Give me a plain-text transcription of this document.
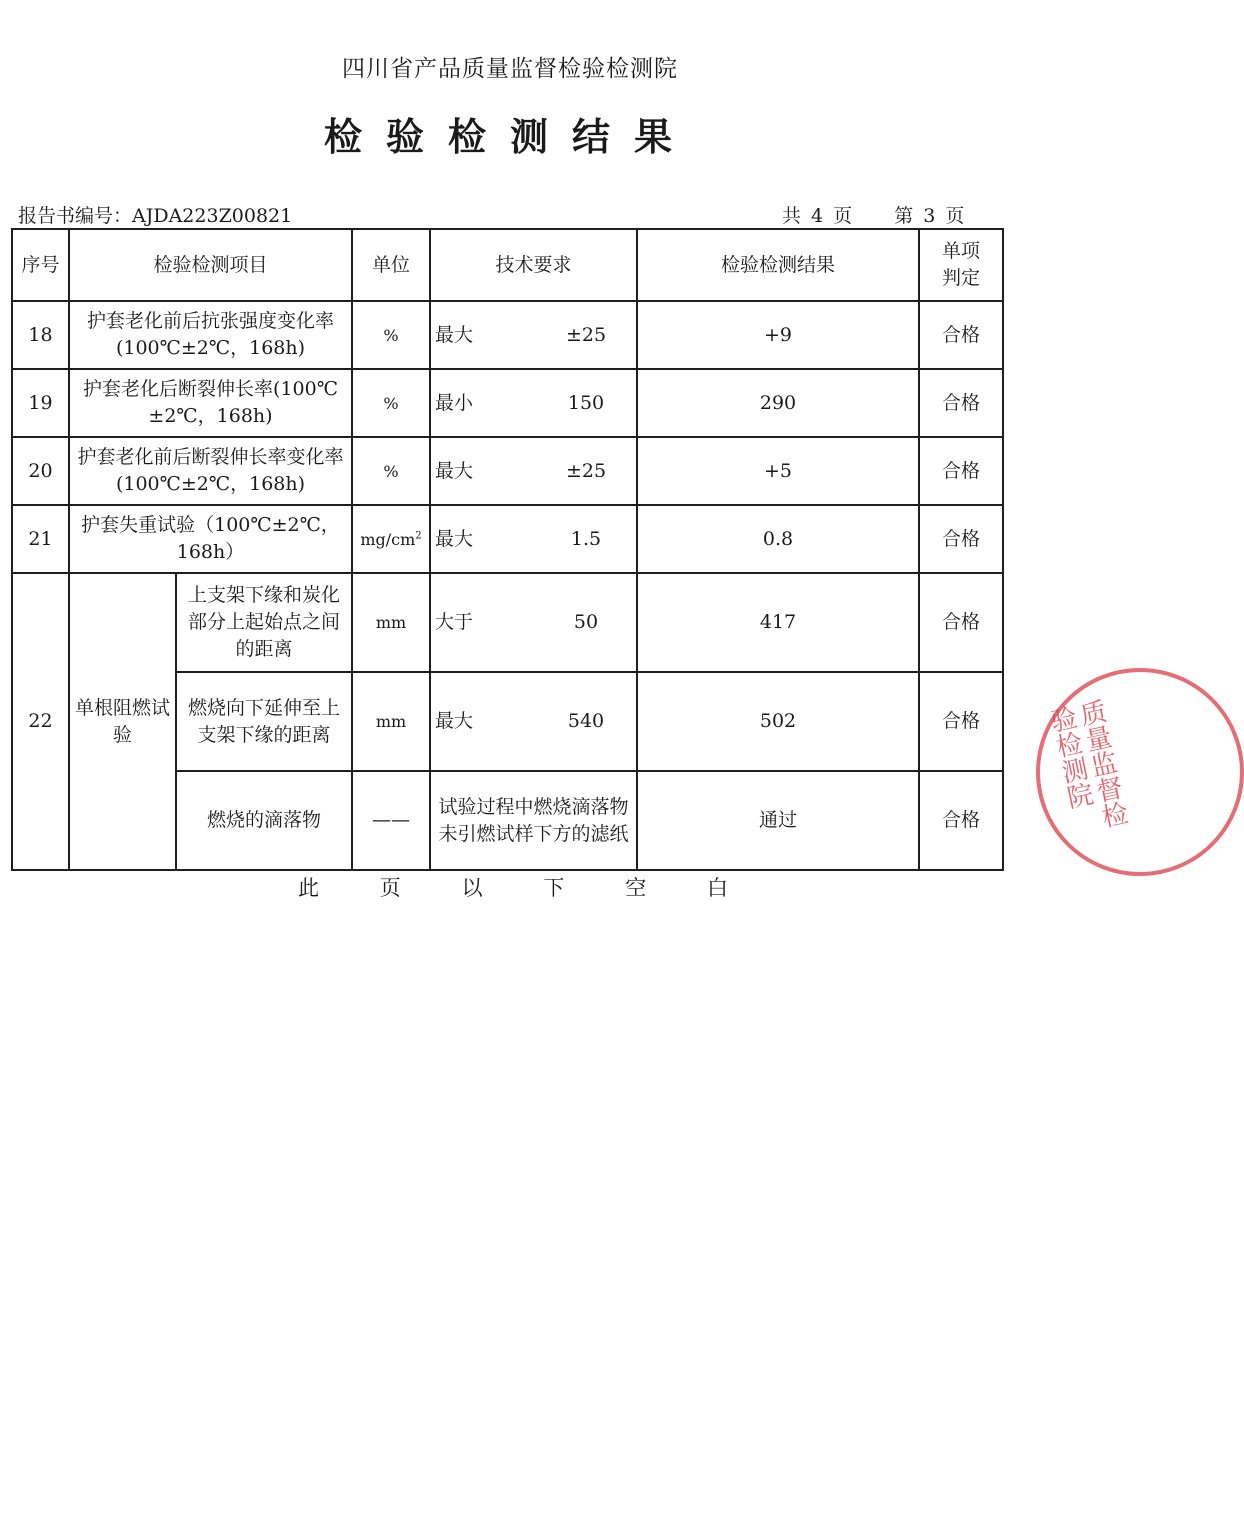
四川省产品质量监督检验检测院
检验检测结果
报告书编号：AJDA223Z00821	共 4 页 第 3 页
序号	检验检测项目		单位	技术要求	检验检测结果	单项判定
18	护套老化前后抗张强度变化率(100℃±2℃，168h)		%	最大 ±25	+9	合格
19	护套老化后断裂伸长率(100℃±2℃，168h)		%	最小 150	290	合格
20	护套老化前后断裂伸长率变化率(100℃±2℃，168h)		%	最大 ±25	+5	合格
21	护套失重试验（100℃±2℃，168h）		$mg/cm^2$	最大 1.5	0.8	合格
22	单根阻燃试验	上支架下缘和炭化部分上起始点之间的距离	mm	大于 50	417	合格
		燃烧向下延伸至上支架下缘的距离	mm	最大 540	502	合格
		燃烧的滴落物	——	试验过程中燃烧滴落物未引燃试样下方的滤纸	通过	合格
此	页	以	下	空	白
质量监督检验检测院
